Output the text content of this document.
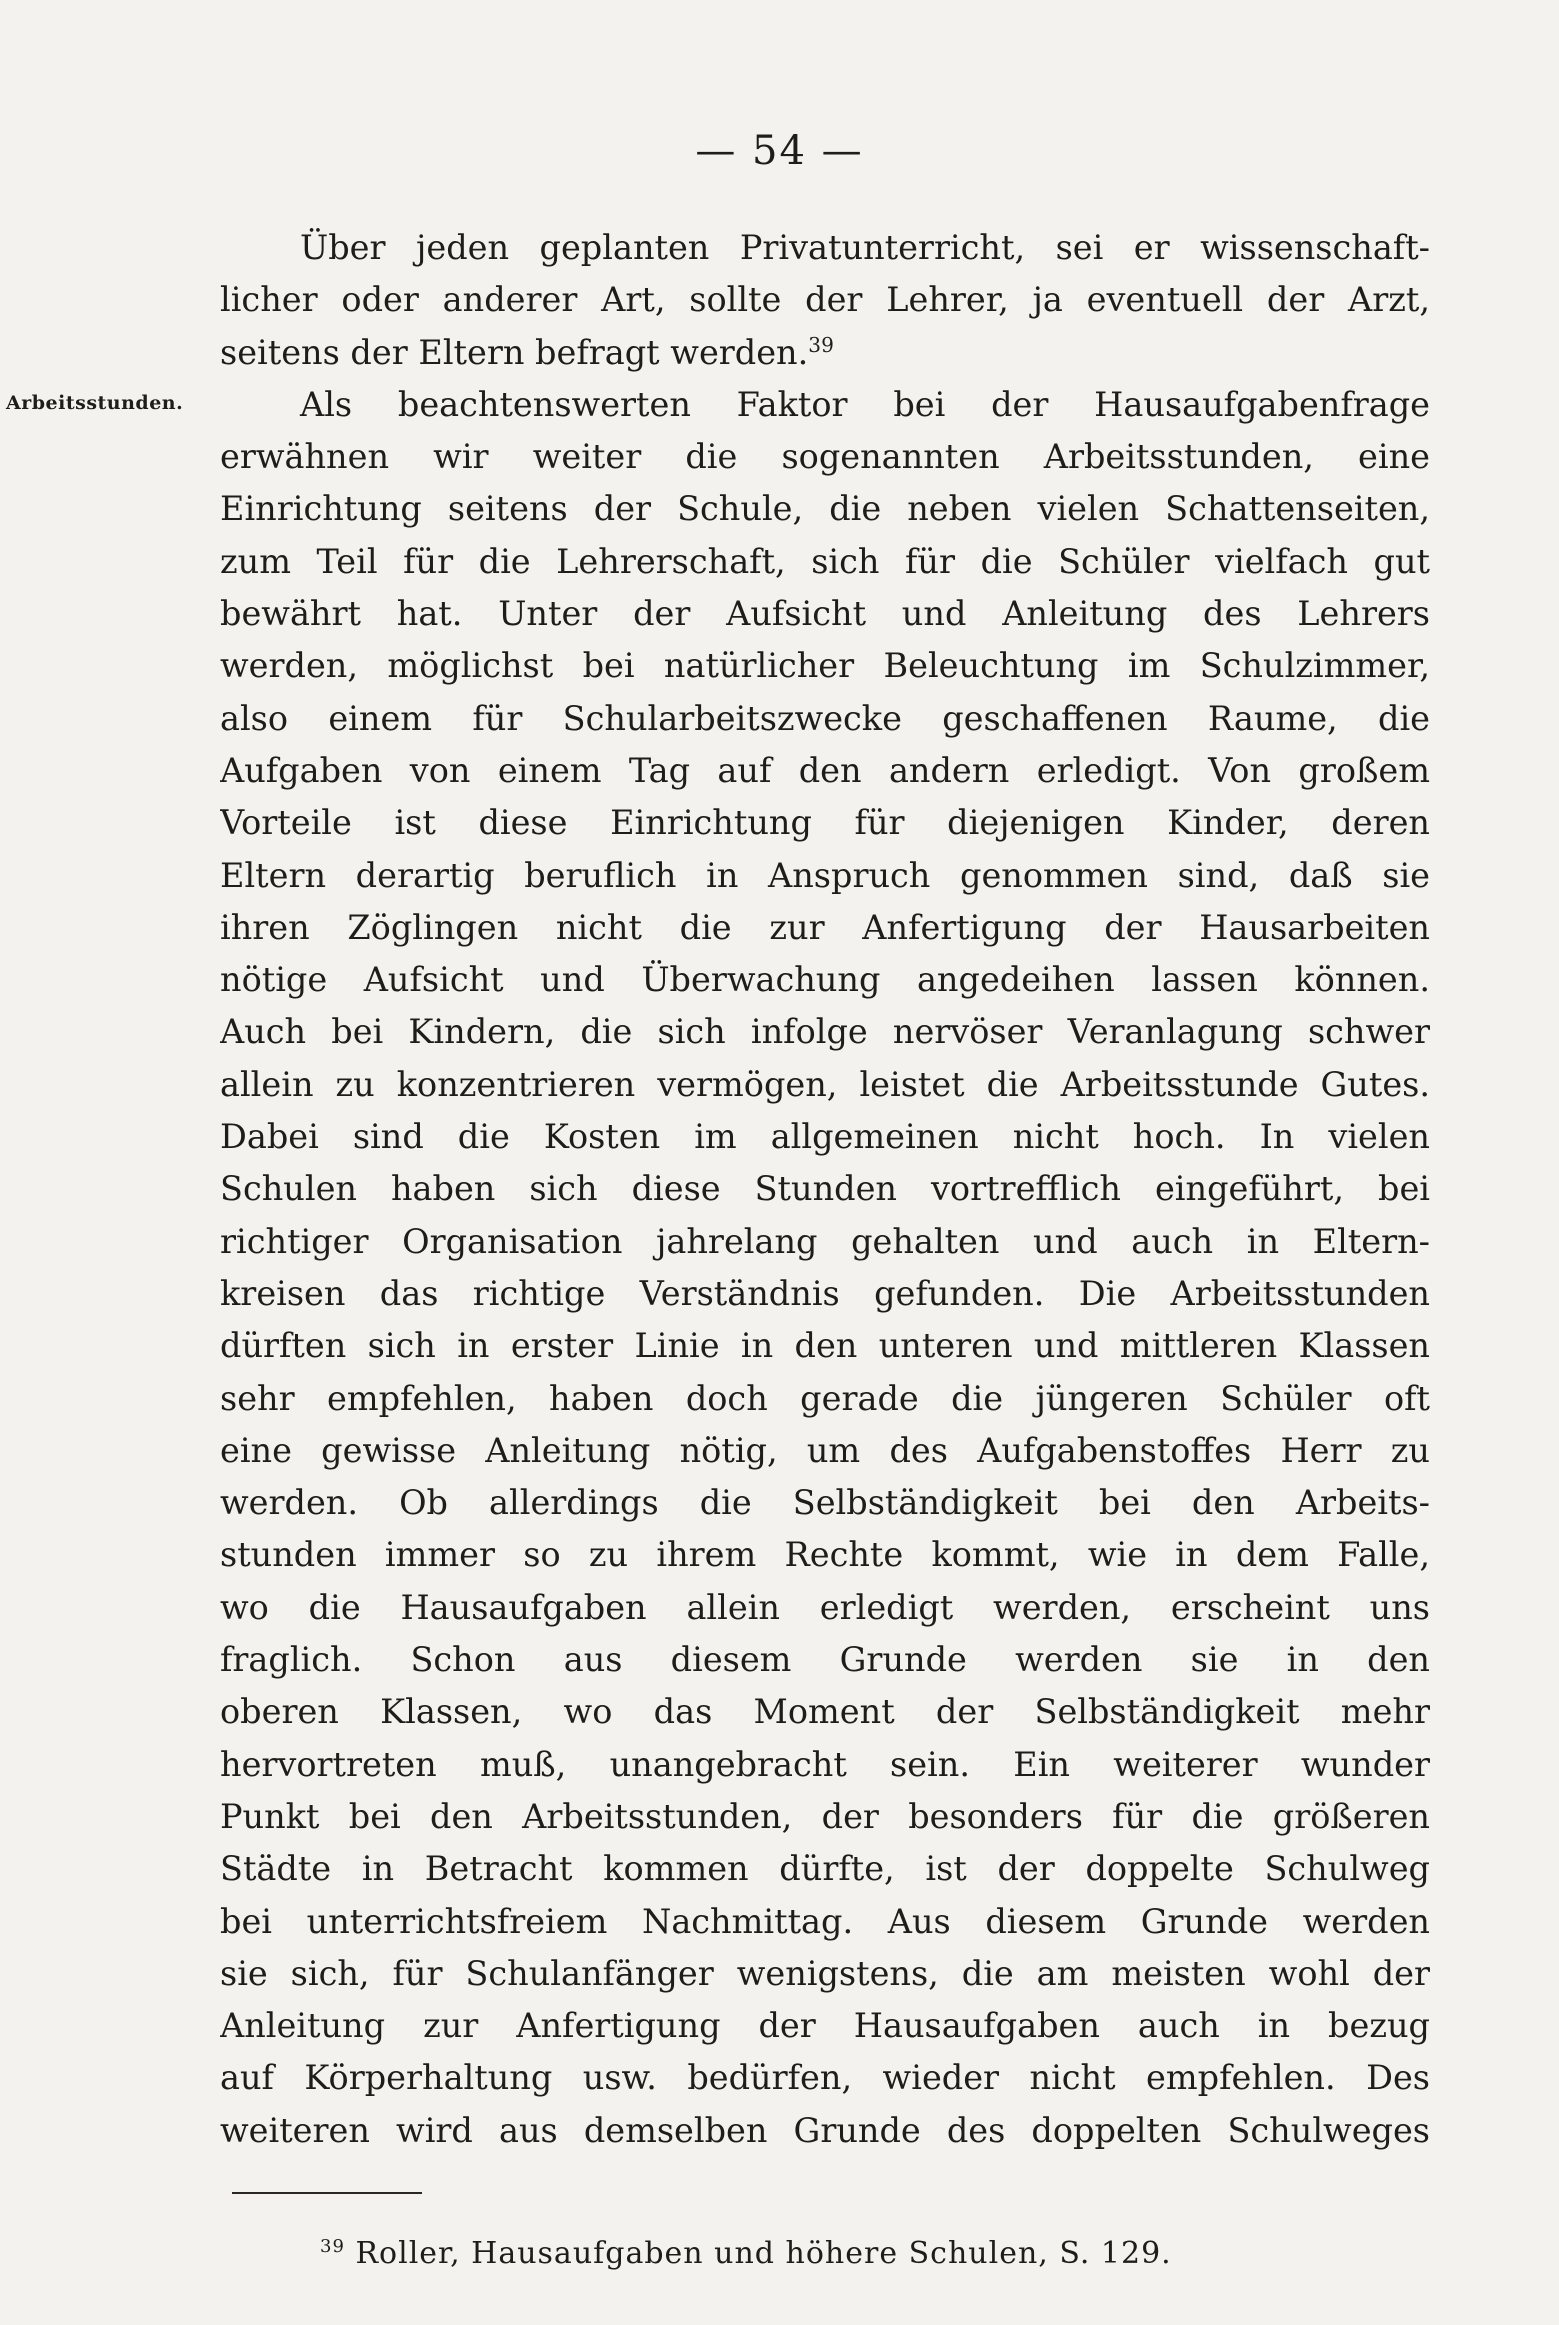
— 54 —
Arbeitsstunden.
Über jeden geplanten Privatunterricht, sei er wissenschaft-
licher oder anderer Art, sollte der Lehrer, ja eventuell der Arzt,
seitens der Eltern befragt werden.$^{39}$
Als beachtenswerten Faktor bei der Hausaufgabenfrage
erwähnen wir weiter die sogenannten Arbeitsstunden, eine
Einrichtung seitens der Schule, die neben vielen Schattenseiten,
zum Teil für die Lehrerschaft, sich für die Schüler vielfach gut
bewährt hat. Unter der Aufsicht und Anleitung des Lehrers
werden, möglichst bei natürlicher Beleuchtung im Schulzimmer,
also einem für Schularbeitszwecke geschaffenen Raume, die
Aufgaben von einem Tag auf den andern erledigt. Von großem
Vorteile ist diese Einrichtung für diejenigen Kinder, deren
Eltern derartig beruflich in Anspruch genommen sind, daß sie
ihren Zöglingen nicht die zur Anfertigung der Hausarbeiten
nötige Aufsicht und Überwachung angedeihen lassen können.
Auch bei Kindern, die sich infolge nervöser Veranlagung schwer
allein zu konzentrieren vermögen, leistet die Arbeitsstunde Gutes.
Dabei sind die Kosten im allgemeinen nicht hoch. In vielen
Schulen haben sich diese Stunden vortrefflich eingeführt, bei
richtiger Organisation jahrelang gehalten und auch in Eltern-
kreisen das richtige Verständnis gefunden. Die Arbeitsstunden
dürften sich in erster Linie in den unteren und mittleren Klassen
sehr empfehlen, haben doch gerade die jüngeren Schüler oft
eine gewisse Anleitung nötig, um des Aufgabenstoffes Herr zu
werden. Ob allerdings die Selbständigkeit bei den Arbeits-
stunden immer so zu ihrem Rechte kommt, wie in dem Falle,
wo die Hausaufgaben allein erledigt werden, erscheint uns
fraglich. Schon aus diesem Grunde werden sie in den
oberen Klassen, wo das Moment der Selbständigkeit mehr
hervortreten muß, unangebracht sein. Ein weiterer wunder
Punkt bei den Arbeitsstunden, der besonders für die größeren
Städte in Betracht kommen dürfte, ist der doppelte Schulweg
bei unterrichtsfreiem Nachmittag. Aus diesem Grunde werden
sie sich, für Schulanfänger wenigstens, die am meisten wohl der
Anleitung zur Anfertigung der Hausaufgaben auch in bezug
auf Körperhaltung usw. bedürfen, wieder nicht empfehlen. Des
weiteren wird aus demselben Grunde des doppelten Schulweges
$^{39}$ Roller, Hausaufgaben und höhere Schulen, S. 129.
